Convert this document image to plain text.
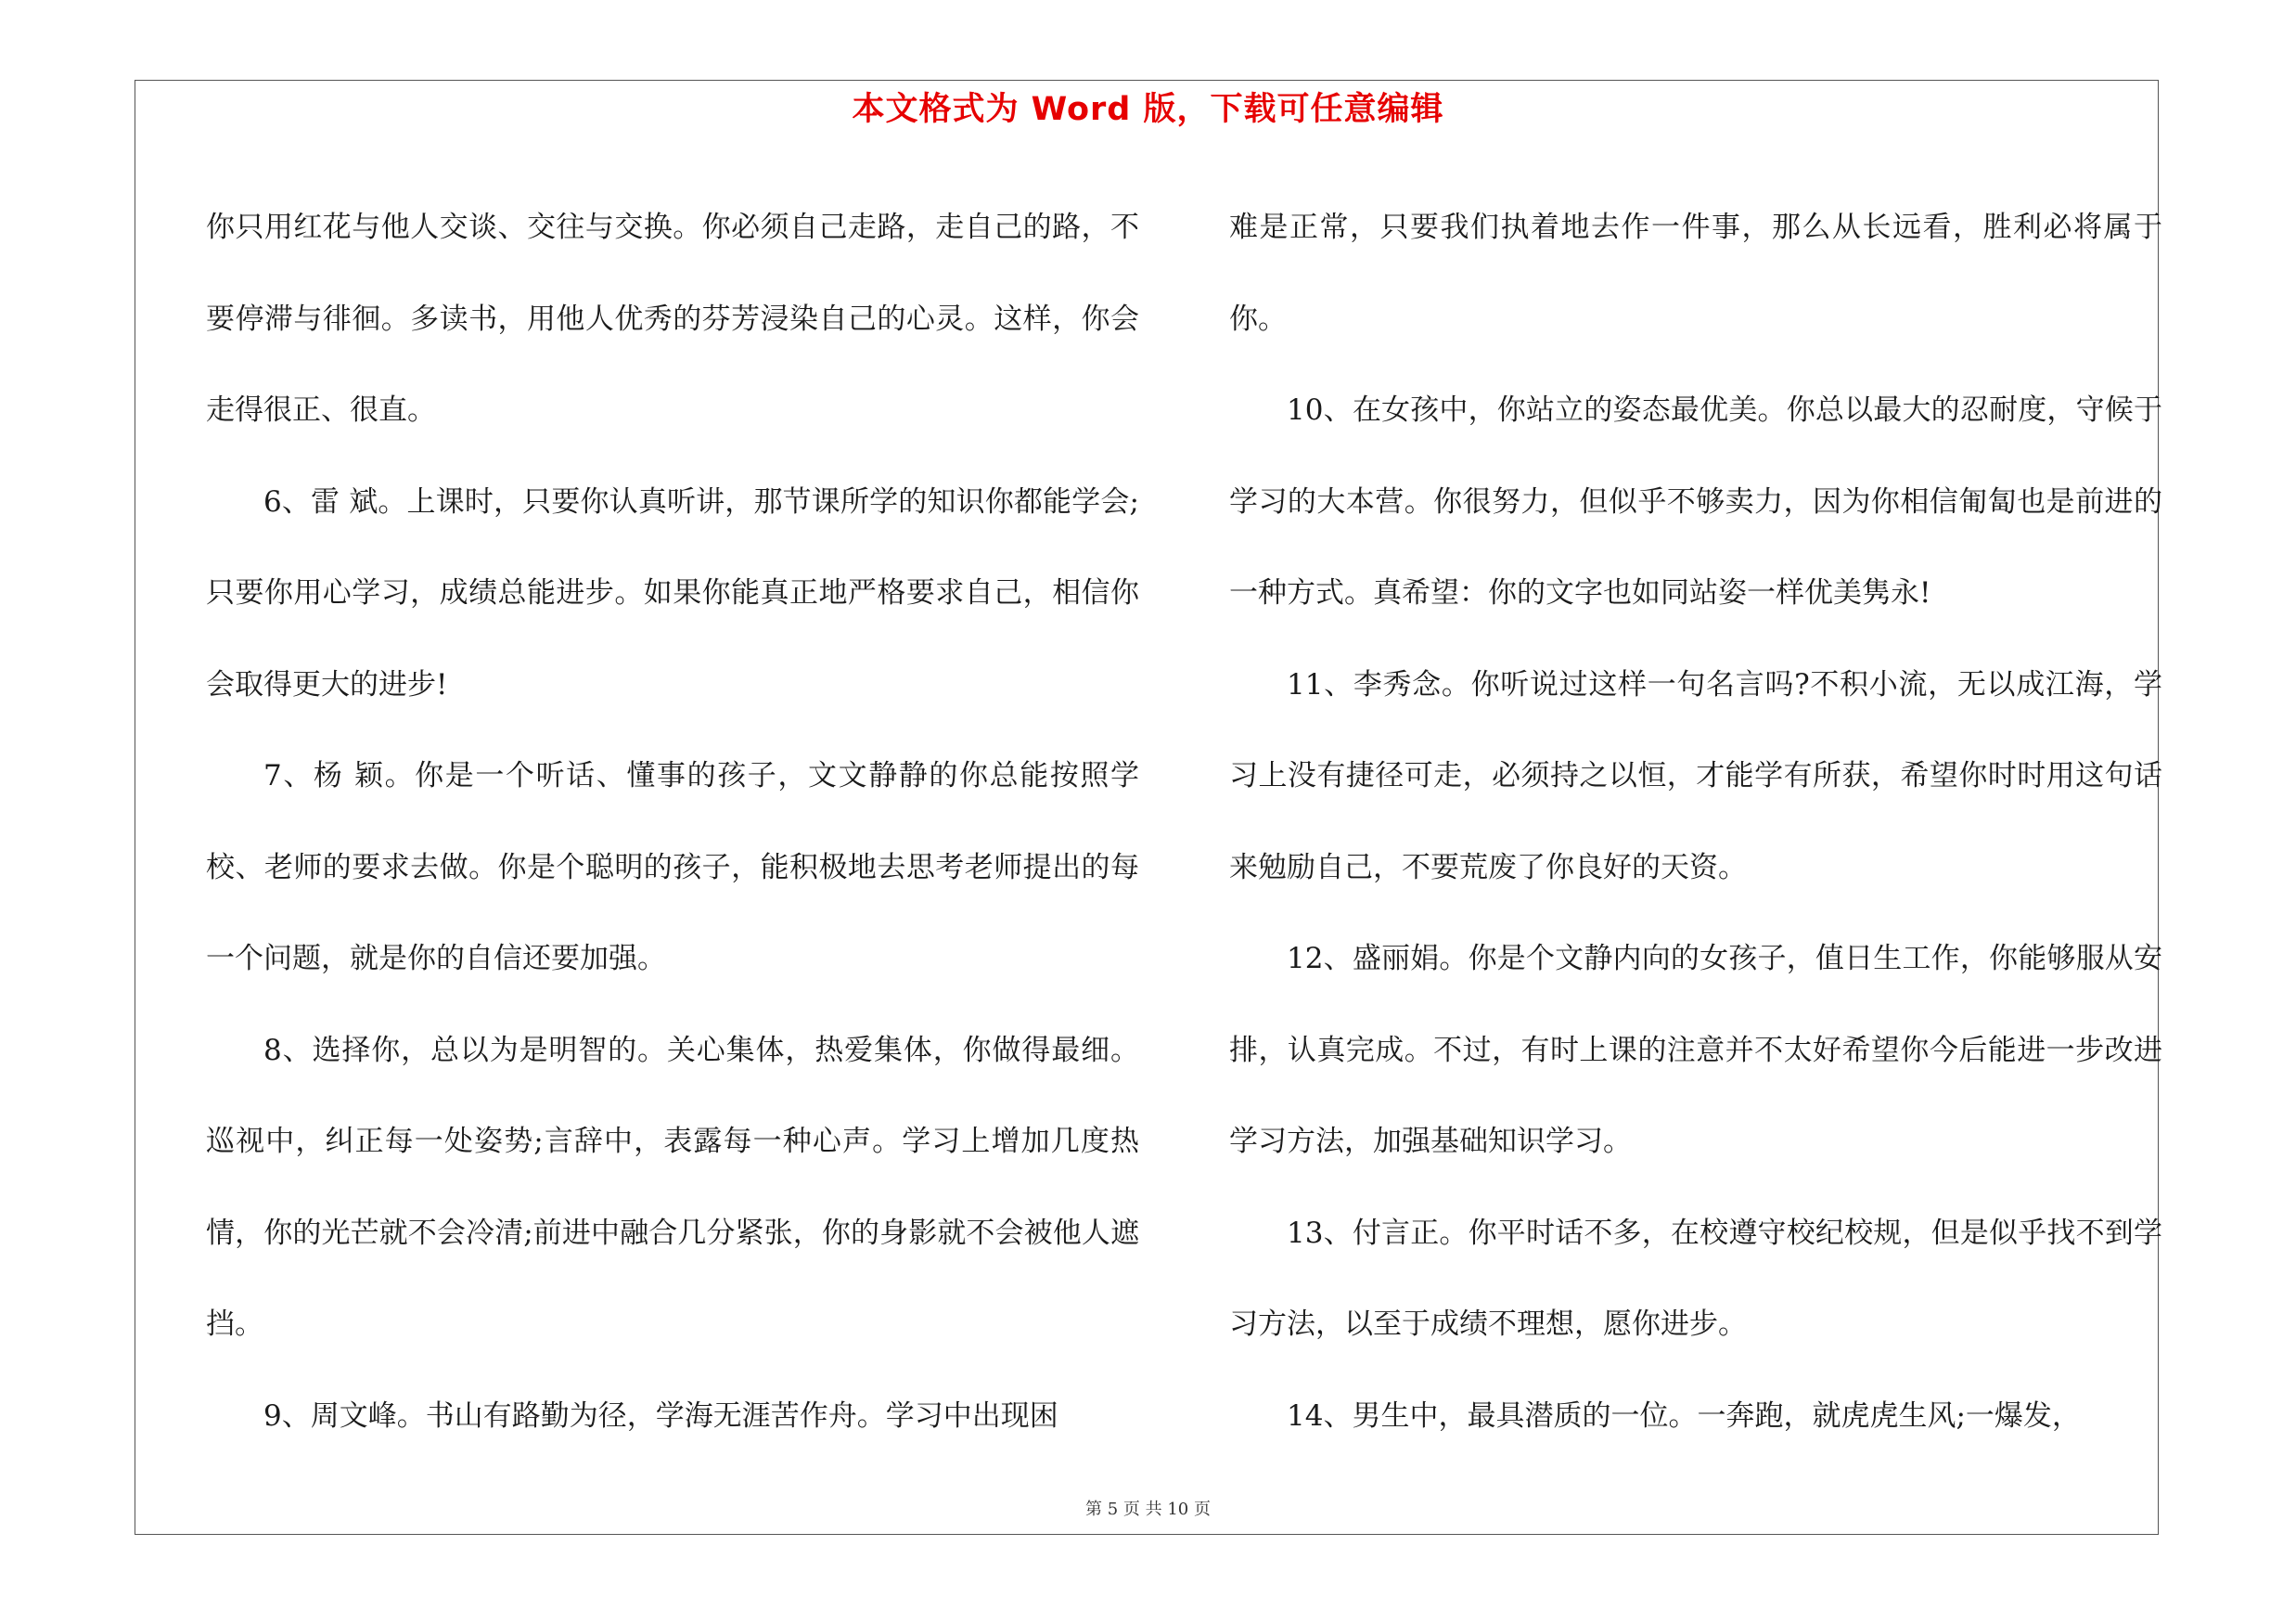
本文格式为 Word 版，下载可任意编辑

你只用红花与他人交谈、交往与交换。你必须自己走路，走自己的路，不要停滞与徘徊。多读书，用他人优秀的芬芳浸染自己的心灵。这样，你会走得很正、很直。

6、雷 斌。上课时，只要你认真听讲，那节课所学的知识你都能学会;只要你用心学习，成绩总能进步。如果你能真正地严格要求自己，相信你会取得更大的进步!

7、杨 颖。你是一个听话、懂事的孩子，文文静静的你总能按照学校、老师的要求去做。你是个聪明的孩子，能积极地去思考老师提出的每一个问题，就是你的自信还要加强。

8、选择你，总以为是明智的。关心集体，热爱集体，你做得最细。巡视中，纠正每一处姿势;言辞中，表露每一种心声。学习上增加几度热情，你的光芒就不会冷清;前进中融合几分紧张，你的身影就不会被他人遮挡。

9、周文峰。书山有路勤为径，学海无涯苦作舟。学习中出现困

难是正常，只要我们执着地去作一件事，那么从长远看，胜利必将属于你。

10、在女孩中，你站立的姿态最优美。你总以最大的忍耐度，守候于学习的大本营。你很努力，但似乎不够卖力，因为你相信匍匐也是前进的一种方式。真希望：你的文字也如同站姿一样优美隽永!

11、李秀念。你听说过这样一句名言吗?不积小流，无以成江海，学习上没有捷径可走，必须持之以恒，才能学有所获，希望你时时用这句话来勉励自己，不要荒废了你良好的天资。

12、盛丽娟。你是个文静内向的女孩子，值日生工作，你能够服从安排，认真完成。不过，有时上课的注意并不太好希望你今后能进一步改进学习方法，加强基础知识学习。

13、付言正。你平时话不多，在校遵守校纪校规，但是似乎找不到学习方法，以至于成绩不理想，愿你进步。

14、男生中，最具潜质的一位。一奔跑，就虎虎生风;一爆发，

第 5 页 共 10 页
